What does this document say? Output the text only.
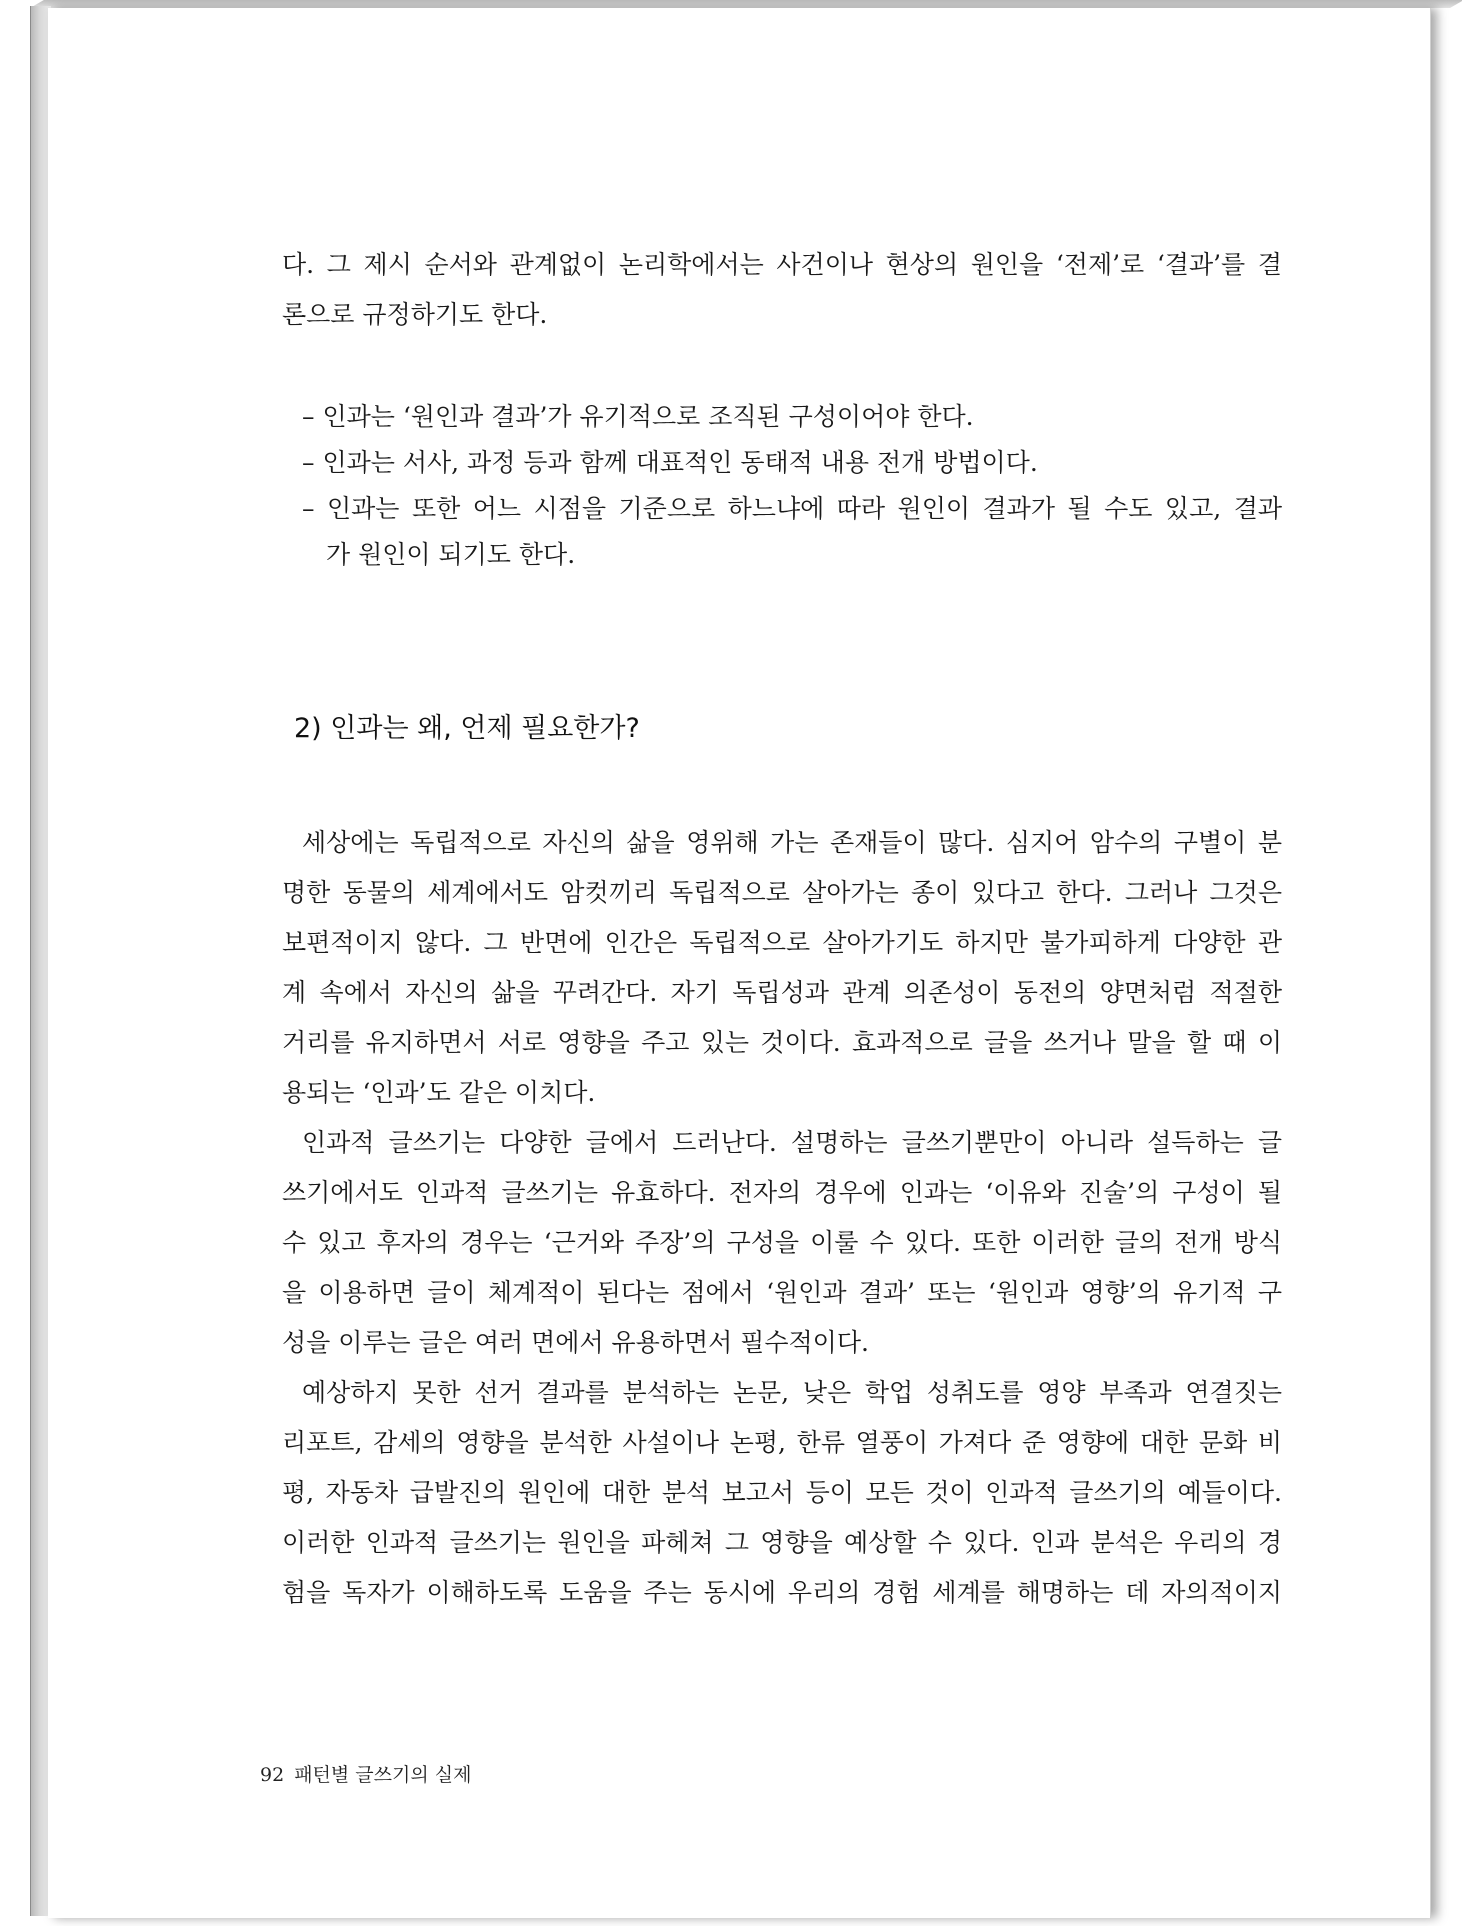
다. 그 제시 순서와 관계없이 논리학에서는 사건이나 현상의 원인을 ‘전제’로 ‘결과’를 결
론으로 규정하기도 한다.
– 인과는 ‘원인과 결과’가 유기적으로 조직된 구성이어야 한다.
– 인과는 서사, 과정 등과 함께 대표적인 동태적 내용 전개 방법이다.
– 인과는 또한 어느 시점을 기준으로 하느냐에 따라 원인이 결과가 될 수도 있고, 결과
가 원인이 되기도 한다.
2) 인과는 왜, 언제 필요한가?
세상에는 독립적으로 자신의 삶을 영위해 가는 존재들이 많다. 심지어 암수의 구별이 분
명한 동물의 세계에서도 암컷끼리 독립적으로 살아가는 종이 있다고 한다. 그러나 그것은
보편적이지 않다. 그 반면에 인간은 독립적으로 살아가기도 하지만 불가피하게 다양한 관
계 속에서 자신의 삶을 꾸려간다. 자기 독립성과 관계 의존성이 동전의 양면처럼 적절한
거리를 유지하면서 서로 영향을 주고 있는 것이다. 효과적으로 글을 쓰거나 말을 할 때 이
용되는 ‘인과’도 같은 이치다.
인과적 글쓰기는 다양한 글에서 드러난다. 설명하는 글쓰기뿐만이 아니라 설득하는 글
쓰기에서도 인과적 글쓰기는 유효하다. 전자의 경우에 인과는 ‘이유와 진술’의 구성이 될
수 있고 후자의 경우는 ‘근거와 주장’의 구성을 이룰 수 있다. 또한 이러한 글의 전개 방식
을 이용하면 글이 체계적이 된다는 점에서 ‘원인과 결과’ 또는 ‘원인과 영향’의 유기적 구
성을 이루는 글은 여러 면에서 유용하면서 필수적이다.
예상하지 못한 선거 결과를 분석하는 논문, 낮은 학업 성취도를 영양 부족과 연결짓는
리포트, 감세의 영향을 분석한 사설이나 논평, 한류 열풍이 가져다 준 영향에 대한 문화 비
평, 자동차 급발진의 원인에 대한 분석 보고서 등이 모든 것이 인과적 글쓰기의 예들이다.
이러한 인과적 글쓰기는 원인을 파헤쳐 그 영향을 예상할 수 있다. 인과 분석은 우리의 경
험을 독자가 이해하도록 도움을 주는 동시에 우리의 경험 세계를 해명하는 데 자의적이지

92 패턴별 글쓰기의 실제
